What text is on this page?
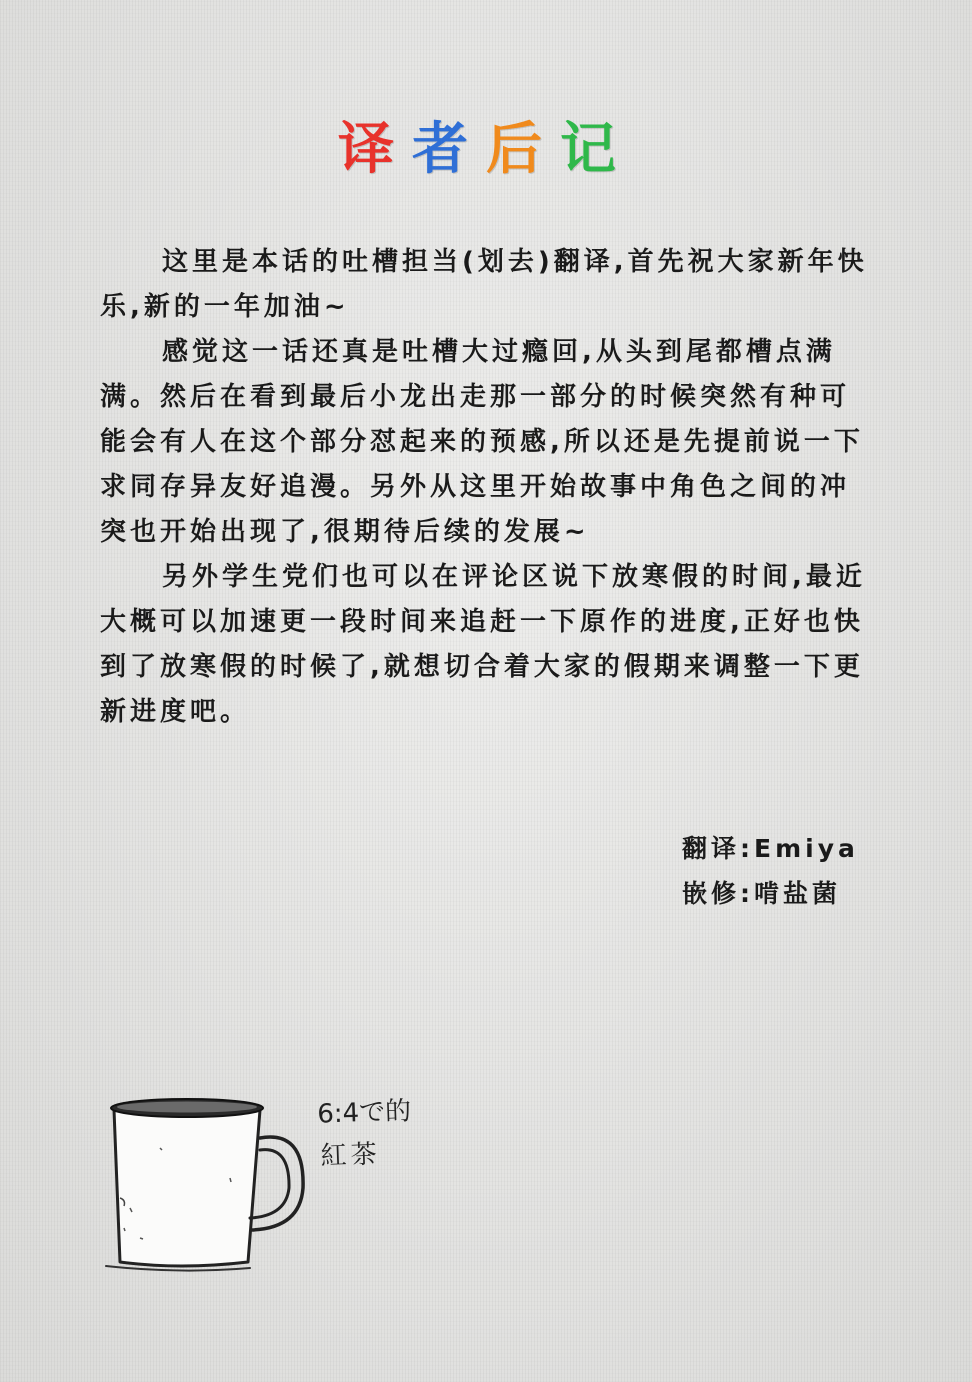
译者后记

这里是本话的吐槽担当(划去)翻译,首先祝大家新年快乐,新的一年加油~

感觉这一话还真是吐槽大过瘾回,从头到尾都槽点满满。然后在看到最后小龙出走那一部分的时候突然有种可能会有人在这个部分怼起来的预感,所以还是先提前说一下求同存异友好追漫。另外从这里开始故事中角色之间的冲突也开始出现了,很期待后续的发展~

另外学生党们也可以在评论区说下放寒假的时间,最近大概可以加速更一段时间来追赶一下原作的进度,正好也快到了放寒假的时候了,就想切合着大家的假期来调整一下更新进度吧。

翻译:Emiya
嵌修:啃盐菌
6:4で的
紅茶
